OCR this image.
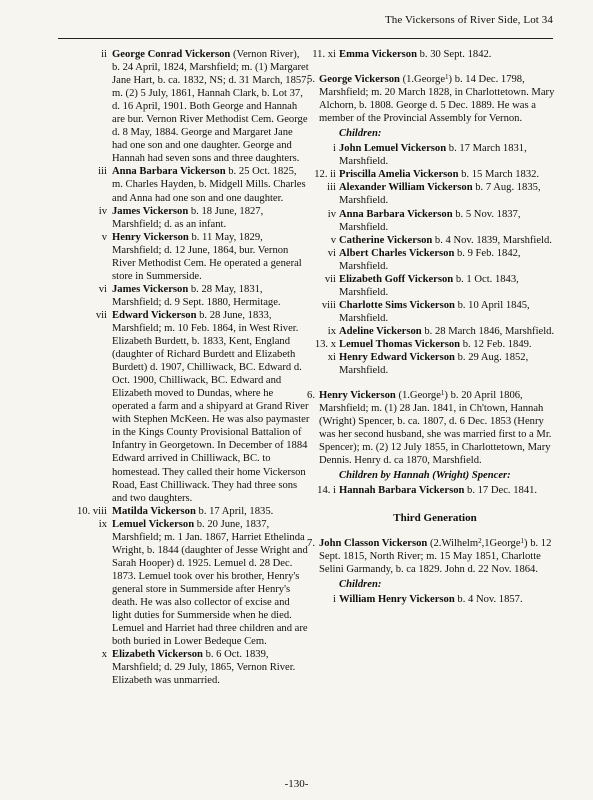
The Vickersons of River Side, Lot 34
ii George Conrad Vickerson (Vernon River), b. 24 April, 1824, Marshfield; m. (1) Margaret Jane Hart, b. ca. 1832, NS; d. 31 March, 1857; m. (2) 5 July, 1861, Hannah Clark, b. Lot 37, d. 16 April, 1901. Both George and Hannah are bur. Vernon River Methodist Cem. George d. 8 May, 1884. George and Margaret Jane had one son and one daughter. George and Hannah had seven sons and three daughters.
iii Anna Barbara Vickerson b. 25 Oct. 1825, m. Charles Hayden, b. Midgell Mills. Charles and Anna had one son and one daughter.
iv James Vickerson b. 18 June, 1827, Marshfield; d. as an infant.
v Henry Vickerson b. 11 May, 1829, Marshfield; d. 12 June, 1864, bur. Vernon River Methodist Cem. He operated a general store in Summerside.
vi James Vickerson b. 28 May, 1831, Marshfield; d. 9 Sept. 1880, Hermitage.
vii Edward Vickerson b. 28 June, 1833, Marshfield; m. 10 Feb. 1864, in West River. Elizabeth Burdett, b. 1833, Kent, England (daughter of Richard Burdett and Elizabeth Burdett) d. 1907, Chilliwack, BC. Edward d. Oct. 1900, Chilliwack, BC. Edward and Elizabeth moved to Dundas, where he operated a farm and a shipyard at Grand River with Stephen McKeen. He was also paymaster in the Kings County Provisional Battalion of Infantry in Georgetown. In December of 1884 Edward arrived in Chilliwack, BC. to homestead. They called their home Vickerson Road, East Chilliwack. They had three sons and two daughters.
10. viii Matilda Vickerson b. 17 April, 1835.
ix Lemuel Vickerson b. 20 June, 1837, Marshfield; m. 1 Jan. 1867, Harriet Ethelinda Wright, b. 1844 (daughter of Jesse Wright and Sarah Hooper) d. 1925. Lemuel d. 28 Dec. 1873. Lemuel took over his brother, Henry's general store in Summerside after Henry's death. He was also collector of excise and light duties for Summerside when he died. Lemuel and Harriet had three children and are both buried in Lower Bedeque Cem.
x Elizabeth Vickerson b. 6 Oct. 1839, Marshfield; d. 29 July, 1865, Vernon River. Elizabeth was unmarried.
11. xi Emma Vickerson b. 30 Sept. 1842.
5. George Vickerson (1.George$^1$) b. 14 Dec. 1798, Marshfield; m. 20 March 1828, in Charlottetown. Mary Alchorn, b. 1808. George d. 5 Dec. 1889. He was a member of the Provincial Assembly for Vernon.
Children:
i John Lemuel Vickerson b. 17 March 1831, Marshfield.
12. ii Priscilla Amelia Vickerson b. 15 March 1832.
iii Alexander William Vickerson b. 7 Aug. 1835, Marshfield.
iv Anna Barbara Vickerson b. 5 Nov. 1837, Marshfield.
v Catherine Vickerson b. 4 Nov. 1839, Marshfield.
vi Albert Charles Vickerson b. 9 Feb. 1842, Marshfield.
vii Elizabeth Goff Vickerson b. 1 Oct. 1843, Marshfield.
viii Charlotte Sims Vickerson b. 10 April 1845, Marshfield.
ix Adeline Vickerson b. 28 March 1846, Marshfield.
13. x Lemuel Thomas Vickerson b. 12 Feb. 1849.
xi Henry Edward Vickerson b. 29 Aug. 1852, Marshfield.
6. Henry Vickerson (1.George$^1$) b. 20 April 1806, Marshfield; m. (1) 28 Jan. 1841, in Ch'town, Hannah (Wright) Spencer, b. ca. 1807, d. 6 Dec. 1853 (Henry was her second husband, she was married first to a Mr. Spencer); m. (2) 12 July 1855, in Charlottetown, Mary Dennis. Henry d. ca 1870, Marshfield.
Children by Hannah (Wright) Spencer:
14. i Hannah Barbara Vickerson b. 17 Dec. 1841.
Third Generation
7. John Classon Vickerson (2.Wilhelm$^2$,1George$^1$) b. 12 Sept. 1815, North River; m. 15 May 1851, Charlotte Selini Garmandy, b. ca 1829. John d. 22 Nov. 1864.
Children:
i William Henry Vickerson b. 4 Nov. 1857.
-130-
